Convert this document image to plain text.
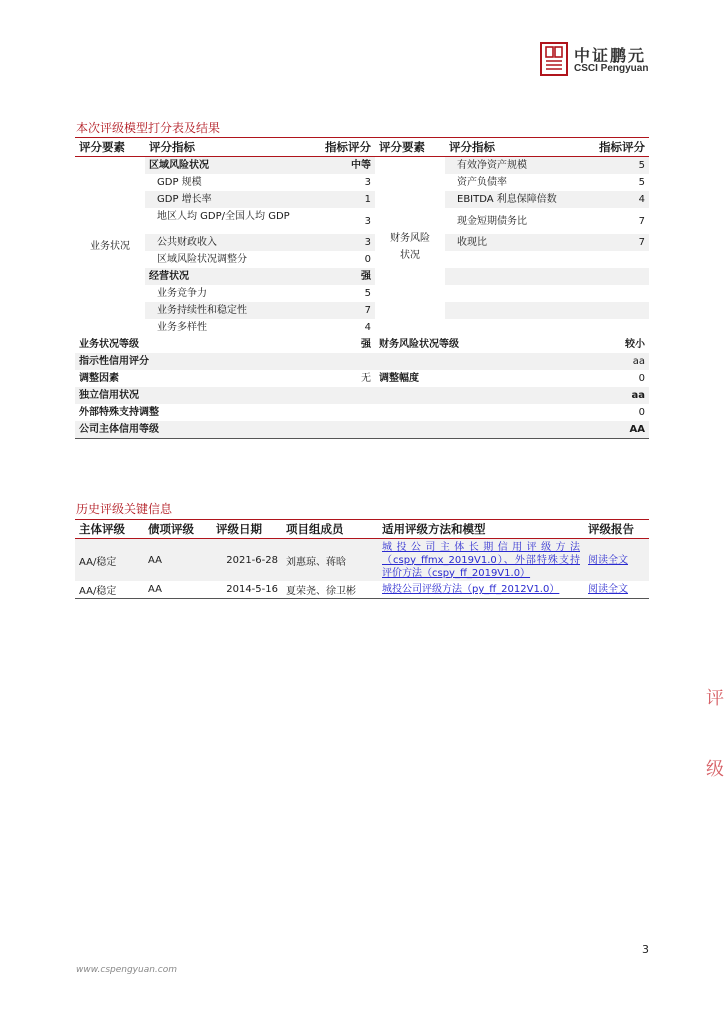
中证鹏元
CSCI Pengyuan
本次评级模型打分表及结果
评分要素	评分指标	指标评分	评分要素	评分指标	指标评分
业务状况	区域风险状况	中等	财务风险状况	有效净资产规模	5
	GDP 规模	3		资产负债率	5
	GDP 增长率	1		EBITDA 利息保障倍数	4
	地区人均 GDP/全国人均 GDP	3		现金短期债务比	7
	公共财政收入	3		收现比	7
	区域风险状况调整分	0			
	经营状况	强			
	业务竞争力	5			
	业务持续性和稳定性	7			
	业务多样性	4			
业务状况等级		强	财务风险状况等级		较小
指示性信用评分					aa
调整因素		无	调整幅度		0
独立信用状况					aa
外部特殊支持调整					0
公司主体信用等级					AA
历史评级关键信息
主体评级	债项评级	评级日期	项目组成员	适用评级方法和模型	评级报告
AA/稳定	AA	2021-6-28	刘惠琼、蒋晗	城投公司主体长期信用评级方法（cspy_ffmx_2019V1.0）、外部特殊支持评价方法（cspy_ff_2019V1.0）	阅读全文
AA/稳定	AA	2014-5-16	夏荣尧、徐卫彬	城投公司评级方法（py_ff_2012V1.0）	阅读全文
评
级
3
www.cspengyuan.com
